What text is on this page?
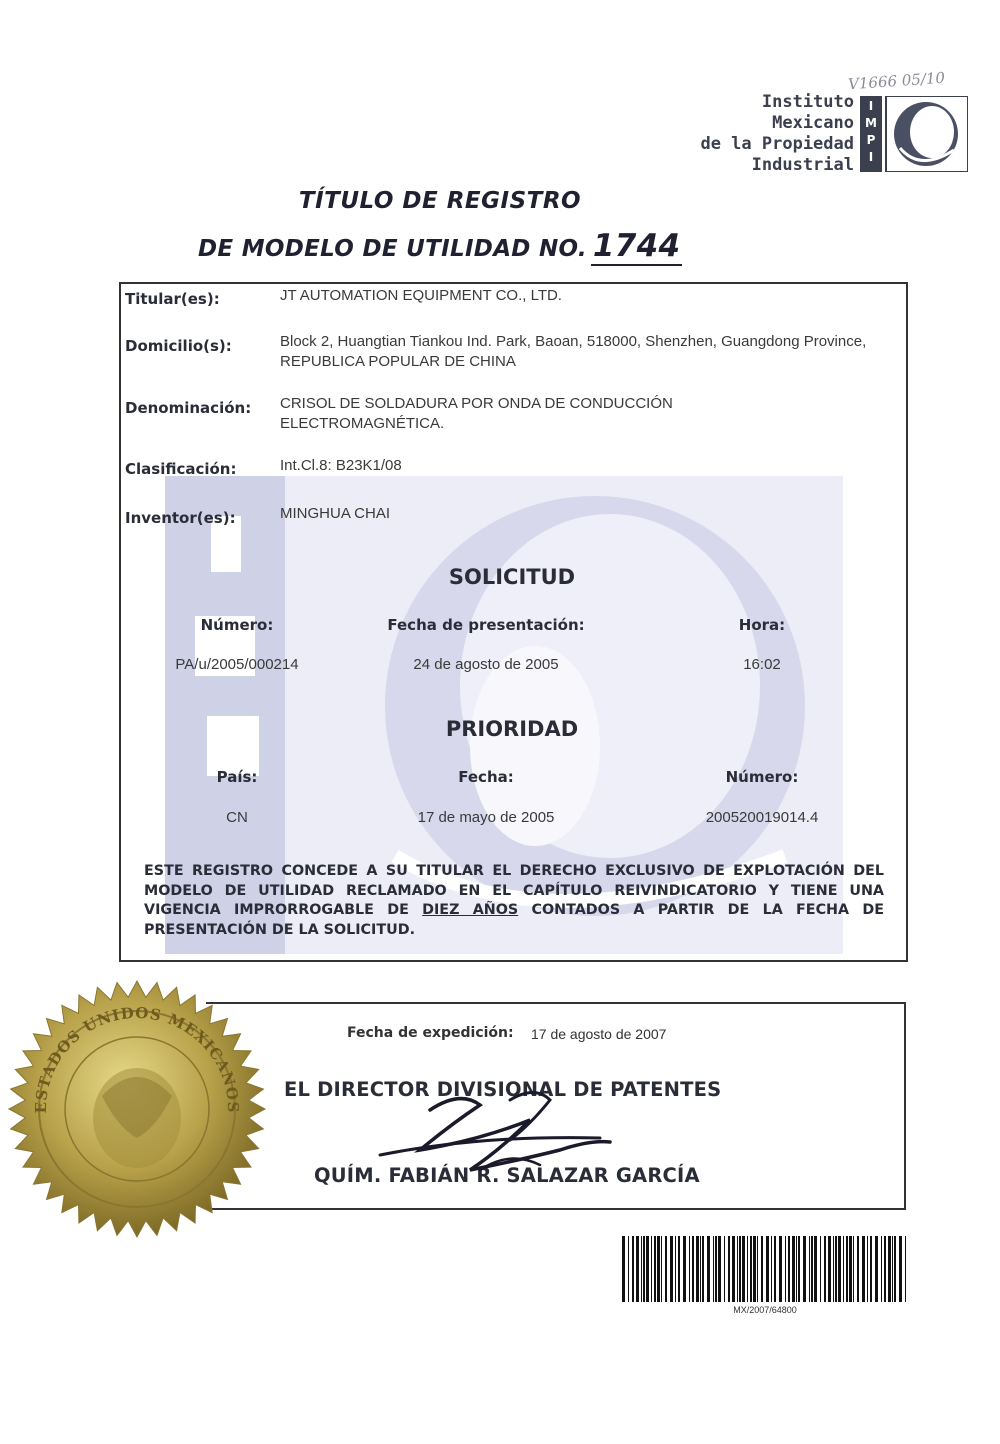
V1666 05/10
Instituto
Mexicano
de la Propiedad
Industrial
I M P I
TÍTULO DE REGISTRO
DE MODELO DE UTILIDAD NO. 1744
Titular(es):	JT AUTOMATION EQUIPMENT CO., LTD.
Domicilio(s):	Block 2, Huangtian Tiankou Ind. Park, Baoan, 518000, Shenzhen, Guangdong Province, REPUBLICA POPULAR DE CHINA
Denominación: CRISOL DE SOLDADURA POR ONDA DE CONDUCCIÓN ELECTROMAGNÉTICA.
Clasificación:	Int.Cl.8: B23K1/08
Inventor(es):	MINGHUA CHAI
SOLICITUD
Número:	Fecha de presentación:	Hora:
PA/u/2005/000214	24 de agosto de 2005	16:02
PRIORIDAD
País:	Fecha:	Número:
CN	17 de mayo de 2005	200520019014.4
ESTE REGISTRO CONCEDE A SU TITULAR EL DERECHO EXCLUSIVO DE EXPLOTACIÓN DEL MODELO DE UTILIDAD RECLAMADO EN EL CAPÍTULO REIVINDICATORIO Y TIENE UNA VIGENCIA IMPRORROGABLE DE DIEZ AÑOS CONTADOS A PARTIR DE LA FECHA DE PRESENTACIÓN DE LA SOLICITUD.
ESTADOS UNIDOS MEXICANOS
Fecha de expedición: 17 de agosto de 2007
EL DIRECTOR DIVISIONAL DE PATENTES
QUÍM. FABIÁN R. SALAZAR GARCÍA
MX/2007/64800
